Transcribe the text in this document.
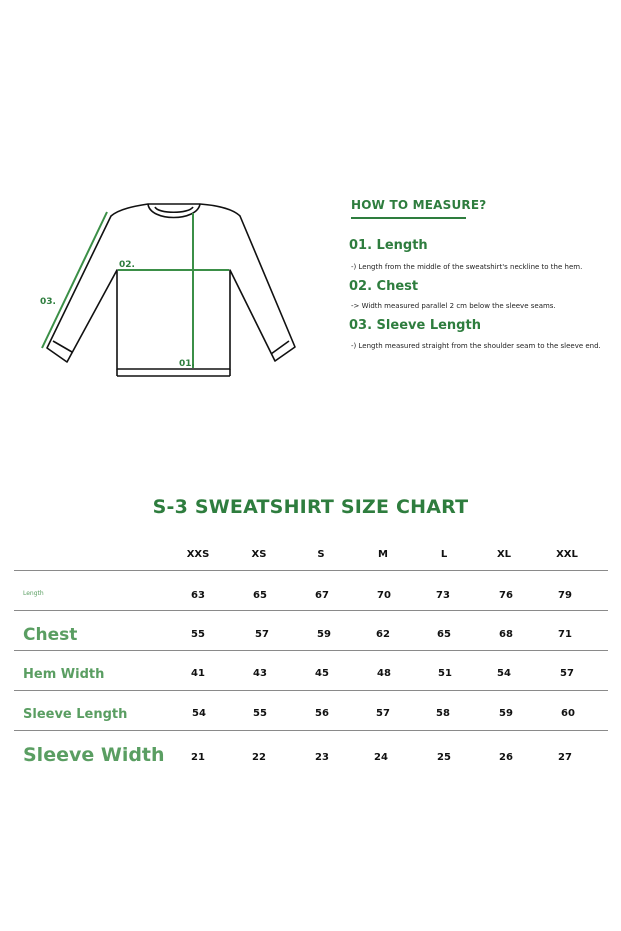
01.
02.
03.
HOW TO MEASURE?
01. Length
-) Length from the middle of the sweatshirt's neckline to the hem.
02. Chest
-> Width measured parallel 2 cm below the sleeve seams.
03. Sleeve Length
-) Length measured straight from the shoulder seam to the sleeve end.
S-3 SWEATSHIRT SIZE CHART
XXS	XS	S	M	L	XL	XXL
Length	63	65	67	70	73	76	79
Chest	55	57	59	62	65	68	71
Hem Width	41	43	45	48	51	54	57
Sleeve Length	54	55	56	57	58	59	60
Sleeve Width	21	22	23	24	25	26	27
